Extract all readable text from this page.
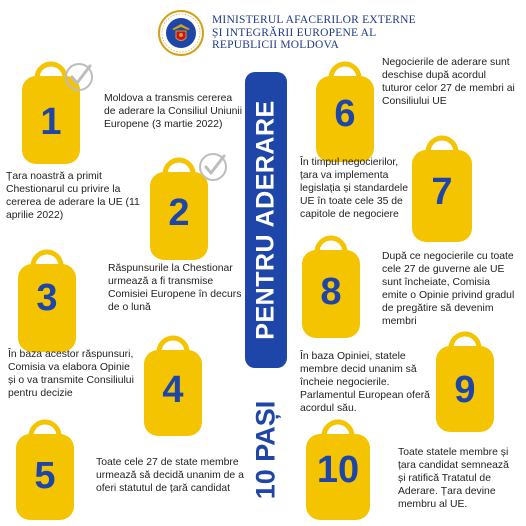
MINISTERUL AFACERILOR EXTERNE
ȘI INTEGRĂRII EUROPENE AL
REPUBLICII MOLDOVA
PENTRU ADERARE
10 PAȘI
1
Moldova a transmis cererea de aderare la Consiliul Uniunii Europene (3 martie 2022)
2
Țara noastră a primit Chestionarul cu privire la cererea de aderare la UE (11 aprilie 2022)
3
Răspunsurile la Chestionar urmează a fi transmise Comisiei Europene în decurs de o lună
4
În baza acestor răspunsuri, Comisia va elabora Opinie și o va transmite Consiliului pentru decizie
5	Toate cele 27 de state membre urmează să decidă unanim de a oferi statutul de țară candidat
6
Negocierile de aderare sunt deschise după acordul tuturor celor 27 de membri ai Consiliului UE
7
În timpul negocierilor, țara va implementa legislația și standardele UE în toate cele 35 de capitole de negociere
8
După ce negocierile cu toate cele 27 de guverne ale UE sunt încheiate, Comisia emite o Opinie privind gradul de pregătire să devenim membri
9
În baza Opiniei, statele membre decid unanim să încheie negocierile. Parlamentul European oferă acordul său.
10	Toate statele membre și țara candidat semnează și ratifică Tratatul de Aderare. Țara devine membru al UE.
